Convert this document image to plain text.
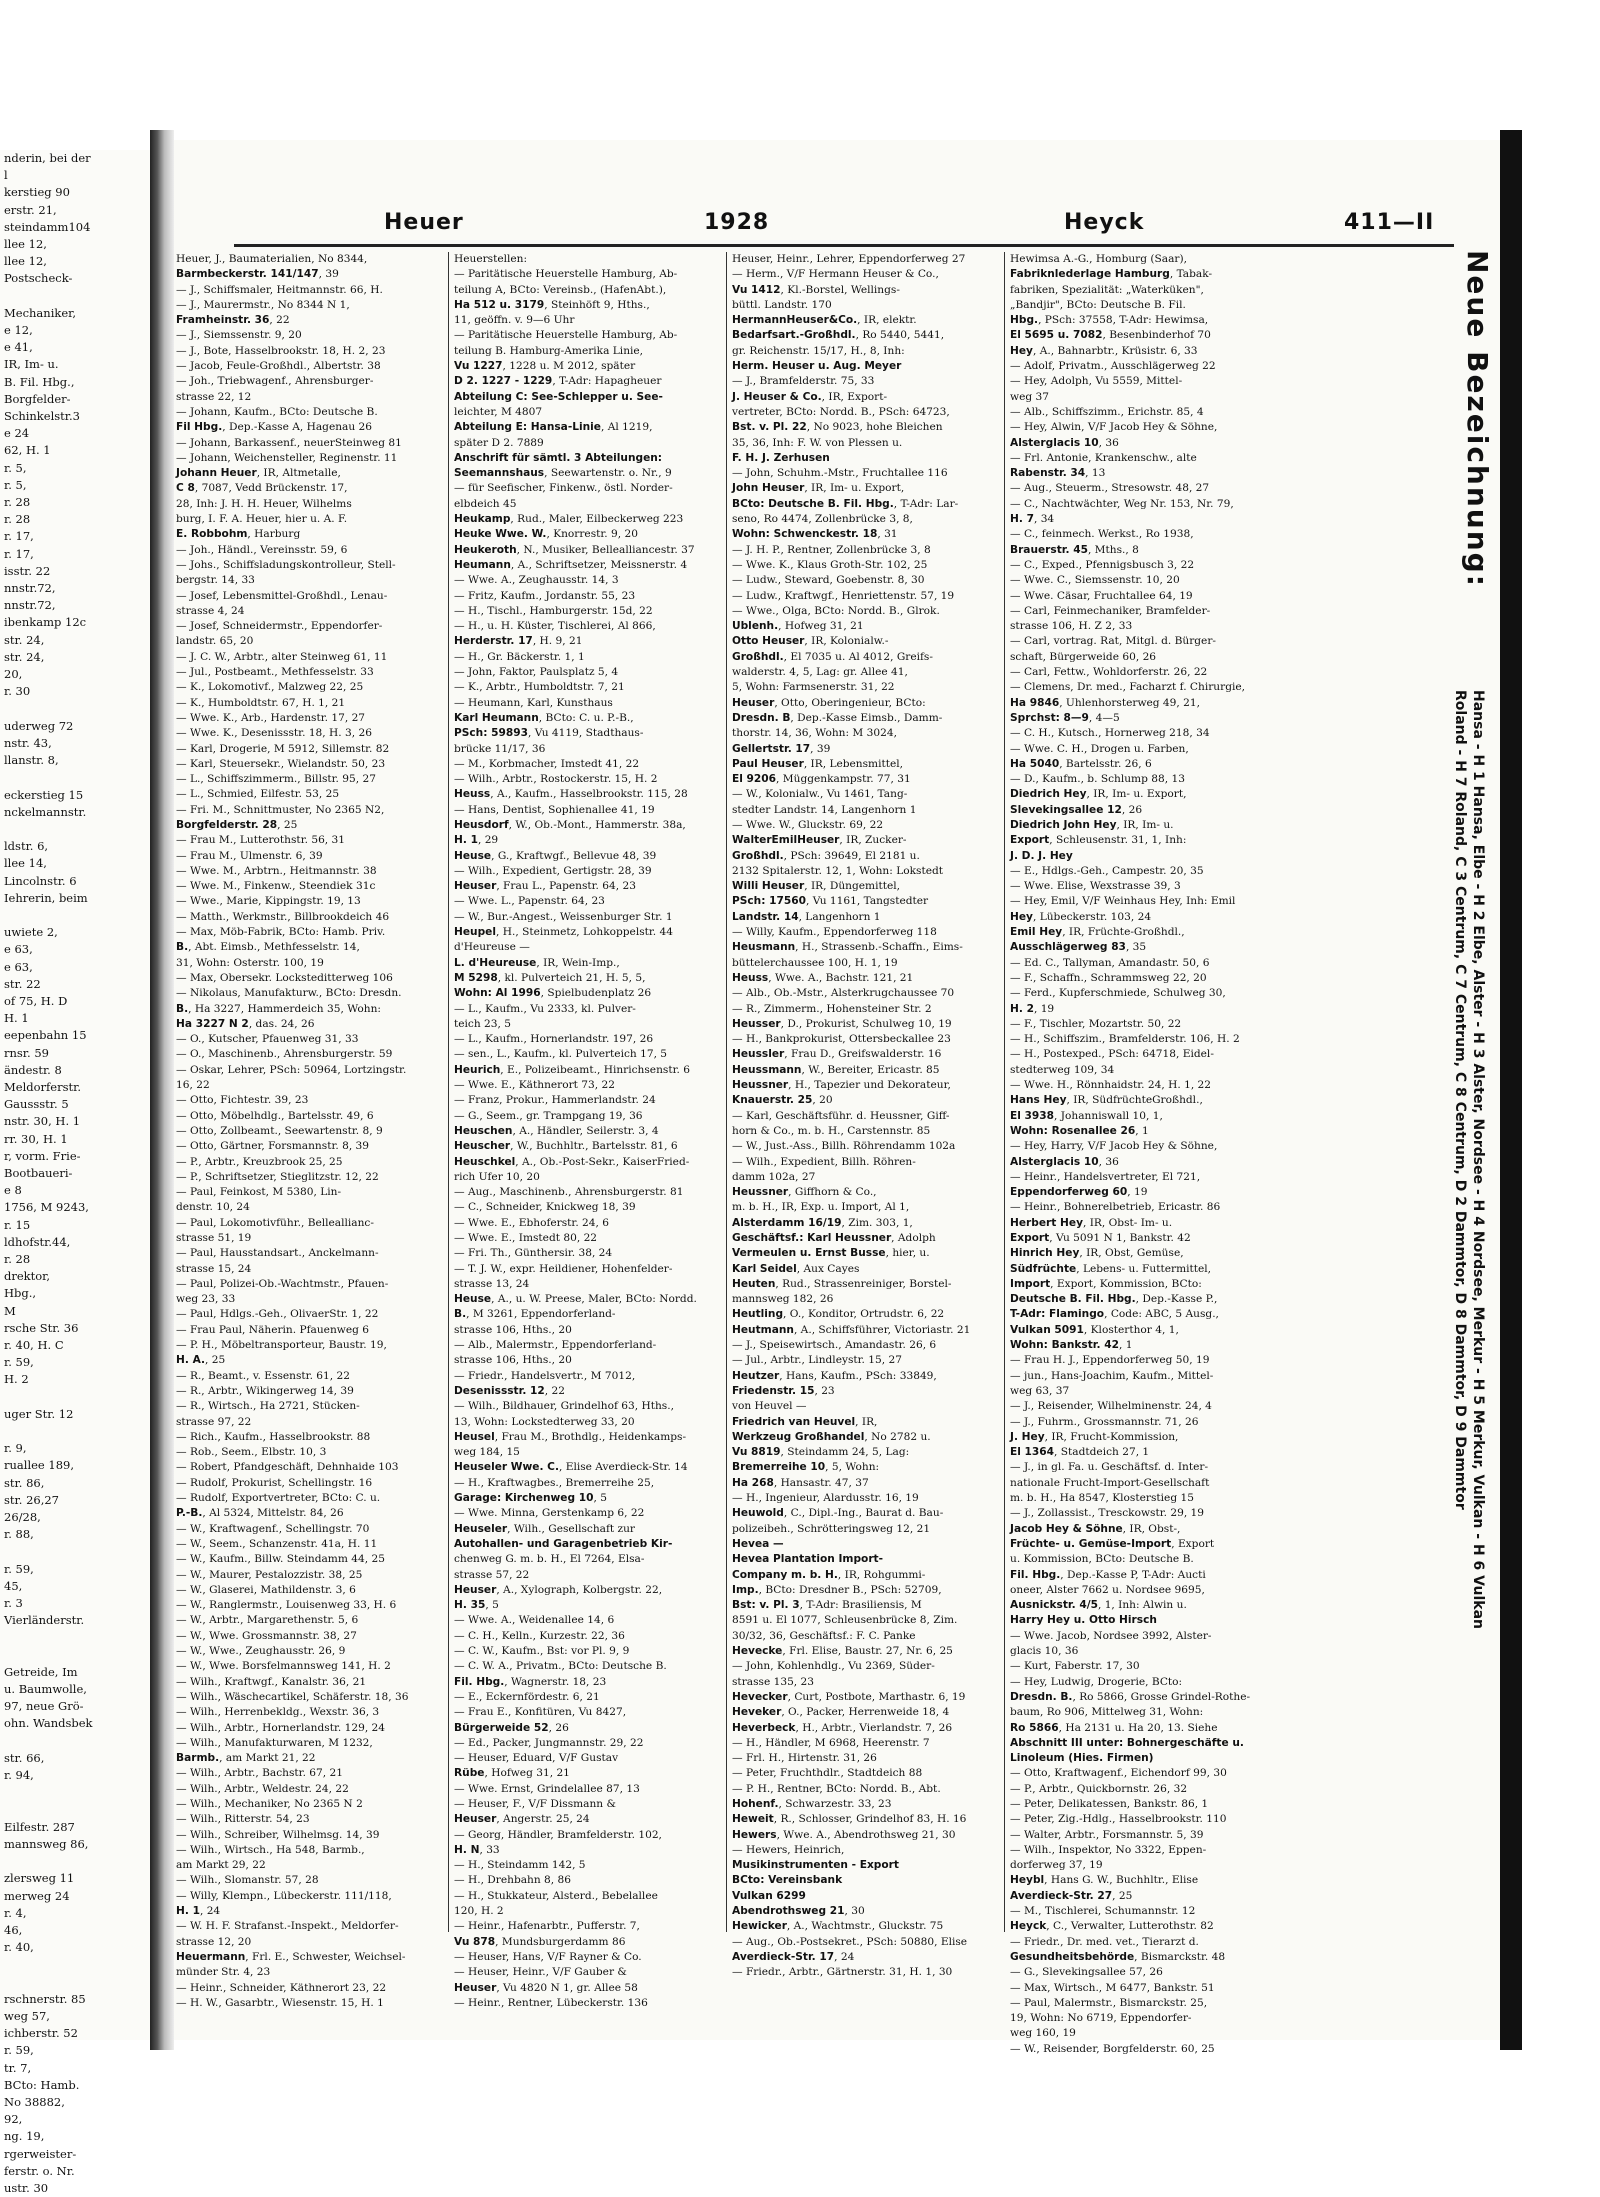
nderin, bei der
l
kerstieg 90
erstr. 21,
steindamm104
llee 12,
llee 12,
Postscheck-

Mechaniker,
e 12,
e 41,
IR, Im- u.
B. Fil. Hbg.,
Borgfelder-
Schinkelstr.3
e 24
62, H. 1
r. 5,
r. 5,
r. 28
r. 28
r. 17,
r. 17,
isstr. 22
nnstr.72,
nnstr.72,
ibenkamp 12c
str. 24,
str. 24,
20,
r. 30

uderweg 72
nstr. 43,
llanstr. 8,

eckerstieg 15
nckelmannstr.

ldstr. 6,
llee 14,
Lincolnstr. 6
Iehrerin, beim

uwiete 2,
e 63,
e 63,
str. 22
of 75, H. D
H. 1
eepenbahn 15
rnsr. 59
ändestr. 8
Meldorferstr.
Gaussstr. 5
nstr. 30, H. 1
rr. 30, H. 1
r, vorm. Frie-
Bootbaueri-
e 8
1756, M 9243,
r. 15
ldhofstr.44,
r. 28
drektor,
Hbg.,
M
rsche Str. 36
r. 40, H. C
r. 59,
H. 2

uger Str. 12

r. 9,
ruallee 189,
str. 86,
str. 26,27
26/28,
r. 88,

r. 59,
45,
r. 3
Vierländerstr.

Getreide, Im
u. Baumwolle,
97, neue Grö-
ohn. Wandsbek

str. 66,
r. 94,

Eilfestr. 287
mannsweg 86,

zlersweg 11
merweg 24
r. 4,
46,
r. 40,

rschnerstr. 85
weg 57,
ichberstr. 52
r. 59,
tr. 7,
BCto: Hamb.
No 38882,
92,
ng. 19,
rgerweister-
ferstr. o. Nr.
ustr. 30
Heuer	1928	Heyck	411—II
Heuer, J., Baumaterialien, No 8344,
Barmbeckerstr. 141/147, 39
— J., Schiffsmaler, Heitmannstr. 66, H.
— J., Maurermstr., No 8344 N 1,
Framheinstr. 36, 22
— J., Siemssenstr. 9, 20
— J., Bote, Hasselbrookstr. 18, H. 2, 23
— Jacob, Feule-Großhdl., Albertstr. 38
— Joh., Triebwagenf., Ahrensburger-
strasse 22, 12
— Johann, Kaufm., BCto: Deutsche B.
Fil Hbg., Dep.-Kasse A, Hagenau 26
— Johann, Barkassenf., neuerSteinweg 81
— Johann, Weichensteller, Reginenstr. 11
Johann Heuer, IR, Altmetalle,
C 8, 7087, Vedd Brückenstr. 17,
28, Inh: J. H. H. Heuer, Wilhelms
burg, I. F. A. Heuer, hier u. A. F.
E. Robbohm, Harburg
— Joh., Händl., Vereinsstr. 59, 6
— Johs., Schiffsladungskontrolleur, Stell-
bergstr. 14, 33
— Josef, Lebensmittel-Großhdl., Lenau-
strasse 4, 24
— Josef, Schneidermstr., Eppendorfer-
landstr. 65, 20
— J. C. W., Arbtr., alter Steinweg 61, 11
— Jul., Postbeamt., Methfesselstr. 33
— K., Lokomotivf., Malzweg 22, 25
— K., Humboldtstr. 67, H. 1, 21
— Wwe. K., Arb., Hardenstr. 17, 27
— Wwe. K., Desenissstr. 18, H. 3, 26
— Karl, Drogerie, M 5912, Sillemstr. 82
— Karl, Steuersekr., Wielandstr. 50, 23
— L., Schiffszimmerm., Billstr. 95, 27
— L., Schmied, Eilfestr. 53, 25
— Fri. M., Schnittmuster, No 2365 N2,
Borgfelderstr. 28, 25
— Frau M., Lutterothstr. 56, 31
— Frau M., Ulmenstr. 6, 39
— Wwe. M., Arbtrn., Heitmannstr. 38
— Wwe. M., Finkenw., Steendiek 31c
— Wwe., Marie, Kippingstr. 19, 13
— Matth., Werkmstr., Billbrookdeich 46
— Max, Möb-Fabrik, BCto: Hamb. Priv.
B., Abt. Eimsb., Methfesselstr. 14,
31, Wohn: Osterstr. 100, 19
— Max, Obersekr. Locksteditterweg 106
— Nikolaus, Manufakturw., BCto: Dresdn.
B., Ha 3227, Hammerdeich 35, Wohn:
Ha 3227 N 2, das. 24, 26
— O., Kutscher, Pfauenweg 31, 33
— O., Maschinenb., Ahrensburgerstr. 59
— Oskar, Lehrer, PSch: 50964, Lortzingstr.
16, 22
— Otto, Fichtestr. 39, 23
— Otto, Möbelhdlg., Bartelsstr. 49, 6
— Otto, Zollbeamt., Seewartenstr. 8, 9
— Otto, Gärtner, Forsmannstr. 8, 39
— P., Arbtr., Kreuzbrook 25, 25
— P., Schriftsetzer, Stieglitzstr. 12, 22
— Paul, Feinkost, M 5380, Lin-
denstr. 10, 24
— Paul, Lokomotivführ., Belleallianc-
strasse 51, 19
— Paul, Hausstandsart., Anckelmann-
strasse 15, 24
— Paul, Polizei-Ob.-Wachtmstr., Pfauen-
weg 23, 33
— Paul, Hdlgs.-Geh., OlivaerStr. 1, 22
— Frau Paul, Näherin. Pfauenweg 6
— P. H., Möbeltransporteur, Baustr. 19,
H. A., 25
— R., Beamt., v. Essenstr. 61, 22
— R., Arbtr., Wikingerweg 14, 39
— R., Wirtsch., Ha 2721, Stücken-
strasse 97, 22
— Rich., Kaufm., Hasselbrookstr. 88
— Rob., Seem., Elbstr. 10, 3
— Robert, Pfandgeschäft, Dehnhaide 103
— Rudolf, Prokurist, Schellingstr. 16
— Rudolf, Exportvertreter, BCto: C. u.
P.-B., Al 5324, Mittelstr. 84, 26
— W., Kraftwagenf., Schellingstr. 70
— W., Seem., Schanzenstr. 41a, H. 11
— W., Kaufm., Billw. Steindamm 44, 25
— W., Maurer, Pestalozzistr. 38, 25
— W., Glaserei, Mathildenstr. 3, 6
— W., Ranglermstr., Louisenweg 33, H. 6
— W., Arbtr., Margarethenstr. 5, 6
— W., Wwe. Grossmannstr. 38, 27
— W., Wwe., Zeughausstr. 26, 9
— W., Wwe. Borsfelmannsweg 141, H. 2
— Wilh., Kraftwgf., Kanalstr. 36, 21
— Wilh., Wäschecartikel, Schäferstr. 18, 36
— Wilh., Herrenbekldg., Wexstr. 36, 3
— Wilh., Arbtr., Hornerlandstr. 129, 24
— Wilh., Manufakturwaren, M 1232,
Barmb., am Markt 21, 22
— Wilh., Arbtr., Bachstr. 67, 21
— Wilh., Arbtr., Weldestr. 24, 22
— Wilh., Mechaniker, No 2365 N 2
— Wilh., Ritterstr. 54, 23
— Wilh., Schreiber, Wilhelmsg. 14, 39
— Wilh., Wirtsch., Ha 548, Barmb.,
am Markt 29, 22
— Wilh., Slomanstr. 57, 28
— Willy, Klempn., Lübeckerstr. 111/118,
H. 1, 24
— W. H. F. Strafanst.-Inspekt., Meldorfer-
strasse 12, 20
Heuermann, Frl. E., Schwester, Weichsel-
münder Str. 4, 23
— Heinr., Schneider, Käthnerort 23, 22
— H. W., Gasarbtr., Wiesenstr. 15, H. 1
Heuerstellen:
— Paritätische Heuerstelle Hamburg, Ab-
teilung A, BCto: Vereinsb., (HafenAbt.),
Ha 512 u. 3179, Steinhöft 9, Hths.,
11, geöffn. v. 9—6 Uhr
— Paritätische Heuerstelle Hamburg, Ab-
teilung B. Hamburg-Amerika Linie,
Vu 1227, 1228 u. M 2012, später
D 2. 1227 - 1229, T-Adr: Hapagheuer
Abteilung C: See-Schlepper u. See-
leichter, M 4807
Abteilung E: Hansa-Linie, Al 1219,
später D 2. 7889
Anschrift für sämtl. 3 Abteilungen:
Seemannshaus, Seewartenstr. o. Nr., 9
— für Seefischer, Finkenw., östl. Norder-
elbdeich 45
Heukamp, Rud., Maler, Eilbeckerweg 223
Heuke Wwe. W., Knorrestr. 9, 20
Heukeroth, N., Musiker, Bellealliancestr. 37
Heumann, A., Schriftsetzer, Meissnerstr. 4
— Wwe. A., Zeughausstr. 14, 3
— Fritz, Kaufm., Jordanstr. 55, 23
— H., Tischl., Hamburgerstr. 15d, 22
— H., u. H. Küster, Tischlerei, Al 866,
Herderstr. 17, H. 9, 21
— H., Gr. Bäckerstr. 1, 1
— John, Faktor, Paulsplatz 5, 4
— K., Arbtr., Humboldtstr. 7, 21
— Heumann, Karl, Kunsthaus
Karl Heumann, BCto: C. u. P.-B.,
PSch: 59893, Vu 4119, Stadthaus-
brücke 11/17, 36
— M., Korbmacher, Imstedt 41, 22
— Wilh., Arbtr., Rostockerstr. 15, H. 2
Heuss, A., Kaufm., Hasselbrookstr. 115, 28
— Hans, Dentist, Sophienallee 41, 19
Heusdorf, W., Ob.-Mont., Hammerstr. 38a,
H. 1, 29
Heuse, G., Kraftwgf., Bellevue 48, 39
— Wilh., Expedient, Gertigstr. 28, 39
Heuser, Frau L., Papenstr. 64, 23
— Wwe. L., Papenstr. 64, 23
— W., Bur.-Angest., Weissenburger Str. 1
Heupel, H., Steinmetz, Lohkoppelstr. 44
d'Heureuse —
L. d'Heureuse, IR, Wein-Imp.,
M 5298, kl. Pulverteich 21, H. 5, 5,
Wohn: Al 1996, Spielbudenplatz 26
— L., Kaufm., Vu 2333, kl. Pulver-
teich 23, 5
— L., Kaufm., Hornerlandstr. 197, 26
— sen., L., Kaufm., kl. Pulverteich 17, 5
Heurich, E., Polizeibeamt., Hinrichsenstr. 6
— Wwe. E., Käthnerort 73, 22
— Franz, Prokur., Hammerlandstr. 24
— G., Seem., gr. Trampgang 19, 36
Heuschen, A., Händler, Seilerstr. 3, 4
Heuscher, W., Buchhltr., Bartelsstr. 81, 6
Heuschkel, A., Ob.-Post-Sekr., KaiserFried-
rich Ufer 10, 20
— Aug., Maschinenb., Ahrensburgerstr. 81
— C., Schneider, Knickweg 18, 39
— Wwe. E., Ebhoferstr. 24, 6
— Wwe. E., Imstedt 80, 22
— Fri. Th., Günthersir. 38, 24
— T. J. W., expr. Heildiener, Hohenfelder-
strasse 13, 24
Heuse, A., u. W. Preese, Maler, BCto: Nordd.
B., M 3261, Eppendorferland-
strasse 106, Hths., 20
— Alb., Malermstr., Eppendorferland-
strasse 106, Hths., 20
— Friedr., Handelsvertr., M 7012,
Desenissstr. 12, 22
— Wilh., Bildhauer, Grindelhof 63, Hths.,
13, Wohn: Lockstedterweg 33, 20
Heusel, Frau M., Brothdlg., Heidenkamps-
weg 184, 15
Heuseler Wwe. C., Elise Averdieck-Str. 14
— H., Kraftwagbes., Bremerreihe 25,
Garage: Kirchenweg 10, 5
— Wwe. Minna, Gerstenkamp 6, 22
Heuseler, Wilh., Gesellschaft zur
Autohallen- und Garagenbetrieb Kir-
chenweg G. m. b. H., El 7264, Elsa-
strasse 57, 22
Heuser, A., Xylograph, Kolbergstr. 22,
H. 35, 5
— Wwe. A., Weidenallee 14, 6
— C. H., Kelln., Kurzestr. 22, 36
— C. W., Kaufm., Bst: vor Pl. 9, 9
— C. W. A., Privatm., BCto: Deutsche B.
Fil. Hbg., Wagnerstr. 18, 23
— E., Eckernfördestr. 6, 21
— Frau E., Konfitüren, Vu 8427,
Bürgerweide 52, 26
— Ed., Packer, Jungmannstr. 29, 22
— Heuser, Eduard, V/F Gustav
Rübe, Hofweg 31, 21
— Wwe. Ernst, Grindelallee 87, 13
— Heuser, F., V/F Dissmann &
Heuser, Angerstr. 25, 24
— Georg, Händler, Bramfelderstr. 102,
H. N, 33
— H., Steindamm 142, 5
— H., Drehbahn 8, 86
— H., Stukkateur, Alsterd., Bebelallee
120, H. 2
— Heinr., Hafenarbtr., Pufferstr. 7,
Vu 878, Mundsburgerdamm 86
— Heuser, Hans, V/F Rayner & Co.
— Heuser, Heinr., V/F Gauber &
Heuser, Vu 4820 N 1, gr. Allee 58
— Heinr., Rentner, Lübeckerstr. 136
Heuser, Heinr., Lehrer, Eppendorferweg 27
— Herm., V/F Hermann Heuser & Co.,
Vu 1412, Kl.-Borstel, Wellings-
büttl. Landstr. 170
HermannHeuser&Co., IR, elektr.
Bedarfsart.-Großhdl., Ro 5440, 5441,
gr. Reichenstr. 15/17, H., 8, Inh:
Herm. Heuser u. Aug. Meyer
— J., Bramfelderstr. 75, 33
J. Heuser & Co., IR, Export-
vertreter, BCto: Nordd. B., PSch: 64723,
Bst. v. Pl. 22, No 9023, hohe Bleichen
35, 36, Inh: F. W. von Plessen u.
F. H. J. Zerhusen
— John, Schuhm.-Mstr., Fruchtallee 116
John Heuser, IR, Im- u. Export,
BCto: Deutsche B. Fil. Hbg., T-Adr: Lar-
seno, Ro 4474, Zollenbrücke 3, 8,
Wohn: Schwenckestr. 18, 31
— J. H. P., Rentner, Zollenbrücke 3, 8
— Wwe. K., Klaus Groth-Str. 102, 25
— Ludw., Steward, Goebenstr. 8, 30
— Ludw., Kraftwgf., Henriettenstr. 57, 19
— Wwe., Olga, BCto: Nordd. B., Glrok.
Ublenh., Hofweg 31, 21
Otto Heuser, IR, Kolonialw.-
Großhdl., El 7035 u. Al 4012, Greifs-
walderstr. 4, 5, Lag: gr. Allee 41,
5, Wohn: Farmsenerstr. 31, 22
Heuser, Otto, Oberingenieur, BCto:
Dresdn. B, Dep.-Kasse Eimsb., Damm-
thorstr. 14, 36, Wohn: M 3024,
Gellertstr. 17, 39
Paul Heuser, IR, Lebensmittel,
El 9206, Müggenkampstr. 77, 31
— W., Kolonialw., Vu 1461, Tang-
stedter Landstr. 14, Langenhorn 1
— Wwe. W., Gluckstr. 69, 22
WalterEmilHeuser, IR, Zucker-
Großhdl., PSch: 39649, El 2181 u.
2132 Spitalerstr. 12, 1, Wohn: Lokstedt
Willi Heuser, IR, Düngemittel,
PSch: 17560, Vu 1161, Tangstedter
Landstr. 14, Langenhorn 1
— Willy, Kaufm., Eppendorferweg 118
Heusmann, H., Strassenb.-Schaffn., Eims-
büttelerchaussee 100, H. 1, 19
Heuss, Wwe. A., Bachstr. 121, 21
— Alb., Ob.-Mstr., Alsterkrugchaussee 70
— R., Zimmerm., Hohensteiner Str. 2
Heusser, D., Prokurist, Schulweg 10, 19
— H., Bankprokurist, Ottersbeckallee 23
Heussler, Frau D., Greifswalderstr. 16
Heussmann, W., Bereiter, Ericastr. 85
Heussner, H., Tapezier und Dekorateur,
Knauerstr. 25, 20
— Karl, Geschäftsführ. d. Heussner, Giff-
horn & Co., m. b. H., Carstennstr. 85
— W., Just.-Ass., Billh. Röhrendamm 102a
— Wilh., Expedient, Billh. Röhren-
damm 102a, 27
Heussner, Giffhorn & Co.,
m. b. H., IR, Exp. u. Import, Al 1,
Alsterdamm 16/19, Zim. 303, 1,
Geschäftsf.: Karl Heussner, Adolph
Vermeulen u. Ernst Busse, hier, u.
Karl Seidel, Aux Cayes
Heuten, Rud., Strassenreiniger, Borstel-
mannsweg 182, 26
Heutling, O., Konditor, Ortrudstr. 6, 22
Heutmann, A., Schiffsführer, Victoriastr. 21
— J., Speisewirtsch., Amandastr. 26, 6
— Jul., Arbtr., Lindleystr. 15, 27
Heutzer, Hans, Kaufm., PSch: 33849,
Friedenstr. 15, 23
von Heuvel —
Friedrich van Heuvel, IR,
Werkzeug Großhandel, No 2782 u.
Vu 8819, Steindamm 24, 5, Lag:
Bremerreihe 10, 5, Wohn:
Ha 268, Hansastr. 47, 37
— H., Ingenieur, Alardusstr. 16, 19
Heuwold, C., Dipl.-Ing., Baurat d. Bau-
polizeibeh., Schrötteringsweg 12, 21
Hevea —
Hevea Plantation Import-
Company m. b. H., IR, Rohgummi-
Imp., BCto: Dresdner B., PSch: 52709,
Bst: v. Pl. 3, T-Adr: Brasiliensis, M
8591 u. El 1077, Schleusenbrücke 8, Zim.
30/32, 36, Geschäftsf.: F. C. Panke
Hevecke, Frl. Elise, Baustr. 27, Nr. 6, 25
— John, Kohlenhdlg., Vu 2369, Süder-
strasse 135, 23
Hevecker, Curt, Postbote, Marthastr. 6, 19
Heveker, O., Packer, Herrenweide 18, 4
Heverbeck, H., Arbtr., Vierlandstr. 7, 26
— H., Händler, M 6968, Heerenstr. 7
— Frl. H., Hirtenstr. 31, 26
— Peter, Fruchthdlr., Stadtdeich 88
— P. H., Rentner, BCto: Nordd. B., Abt.
Hohenf., Schwarzestr. 33, 23
Heweit, R., Schlosser, Grindelhof 83, H. 16
Hewers, Wwe. A., Abendrothsweg 21, 30
— Hewers, Heinrich,
Musikinstrumenten - Export
BCto: Vereinsbank
Vulkan 6299
Abendrothsweg 21, 30
Hewicker, A., Wachtmstr., Gluckstr. 75
— Aug., Ob.-Postsekret., PSch: 50880, Elise
Averdieck-Str. 17, 24
— Friedr., Arbtr., Gärtnerstr. 31, H. 1, 30
Hewimsa A.-G., Homburg (Saar),
Fabriknlederlage Hamburg, Tabak-
fabriken, Spezialität: „Waterküken",
„Bandjir", BCto: Deutsche B. Fil.
Hbg., PSch: 37558, T-Adr: Hewimsa,
El 5695 u. 7082, Besenbinderhof 70
Hey, A., Bahnarbtr., Krüsistr. 6, 33
— Adolf, Privatm., Ausschlägerweg 22
— Hey, Adolph, Vu 5559, Mittel-
weg 37
— Alb., Schiffszimm., Erichstr. 85, 4
— Hey, Alwin, V/F Jacob Hey & Söhne,
Alsterglacis 10, 36
— Frl. Antonie, Krankenschw., alte
Rabenstr. 34, 13
— Aug., Steuerm., Stresowstr. 48, 27
— C., Nachtwächter, Weg Nr. 153, Nr. 79,
H. 7, 34
— C., feinmech. Werkst., Ro 1938,
Brauerstr. 45, Mths., 8
— C., Exped., Pfennigsbusch 3, 22
— Wwe. C., Siemssenstr. 10, 20
— Wwe. Cäsar, Fruchtallee 64, 19
— Carl, Feinmechaniker, Bramfelder-
strasse 106, H. Z 2, 33
— Carl, vortrag. Rat, Mitgl. d. Bürger-
schaft, Bürgerweide 60, 26
— Carl, Fettw., Wohldorferstr. 26, 22
— Clemens, Dr. med., Facharzt f. Chirurgie,
Ha 9846, Uhlenhorsterweg 49, 21,
Sprchst: 8—9, 4—5
— C. H., Kutsch., Hornerweg 218, 34
— Wwe. C. H., Drogen u. Farben,
Ha 5040, Bartelsstr. 26, 6
— D., Kaufm., b. Schlump 88, 13
Diedrich Hey, IR, Im- u. Export,
Slevekingsallee 12, 26
Diedrich John Hey, IR, Im- u.
Export, Schleusenstr. 31, 1, Inh:
J. D. J. Hey
— E., Hdlgs.-Geh., Campestr. 20, 35
— Wwe. Elise, Wexstrasse 39, 3
— Hey, Emil, V/F Weinhaus Hey, Inh: Emil
Hey, Lübeckerstr. 103, 24
Emil Hey, IR, Früchte-Großhdl.,
Ausschlägerweg 83, 35
— Ed. C., Tallyman, Amandastr. 50, 6
— F., Schaffn., Schrammsweg 22, 20
— Ferd., Kupferschmiede, Schulweg 30,
H. 2, 19
— F., Tischler, Mozartstr. 50, 22
— H., Schiffszim., Bramfelderstr. 106, H. 2
— H., Postexped., PSch: 64718, Eidel-
stedterweg 109, 34
— Wwe. H., Rönnhaidstr. 24, H. 1, 22
Hans Hey, IR, SüdfrüchteGroßhdl.,
El 3938, Johanniswall 10, 1,
Wohn: Rosenallee 26, 1
— Hey, Harry, V/F Jacob Hey & Söhne,
Alsterglacis 10, 36
— Heinr., Handelsvertreter, El 721,
Eppendorferweg 60, 19
— Heinr., Bohnerelbetrieb, Ericastr. 86
Herbert Hey, IR, Obst- Im- u.
Export, Vu 5091 N 1, Bankstr. 42
Hinrich Hey, IR, Obst, Gemüse,
Südfrüchte, Lebens- u. Futtermittel,
Import, Export, Kommission, BCto:
Deutsche B. Fil. Hbg., Dep.-Kasse P.,
T-Adr: Flamingo, Code: ABC, 5 Ausg.,
Vulkan 5091, Klosterthor 4, 1,
Wohn: Bankstr. 42, 1
— Frau H. J., Eppendorferweg 50, 19
— jun., Hans-Joachim, Kaufm., Mittel-
weg 63, 37
— J., Reisender, Wilhelminenstr. 24, 4
— J., Fuhrm., Grossmannstr. 71, 26
J. Hey, IR, Frucht-Kommission,
El 1364, Stadtdeich 27, 1
— J., in gl. Fa. u. Geschäftsf. d. Inter-
nationale Frucht-Import-Gesellschaft
m. b. H., Ha 8547, Klosterstieg 15
— J., Zollassist., Tresckowstr. 29, 19
Jacob Hey & Söhne, IR, Obst-,
Früchte- u. Gemüse-Import, Export
u. Kommission, BCto: Deutsche B.
Fil. Hbg., Dep.-Kasse P, T-Adr: Aucti
oneer, Alster 7662 u. Nordsee 9695,
Ausnickstr. 4/5, 1, Inh: Alwin u.
Harry Hey u. Otto Hirsch
— Wwe. Jacob, Nordsee 3992, Alster-
glacis 10, 36
— Kurt, Faberstr. 17, 30
— Hey, Ludwig, Drogerie, BCto:
Dresdn. B., Ro 5866, Grosse Grindel-Rothe-
baum, Ro 906, Mittelweg 31, Wohn:
Ro 5866, Ha 2131 u. Ha 20, 13. Siehe
Abschnitt III unter: Bohnergeschäfte u.
Linoleum (Hies. Firmen)
— Otto, Kraftwagenf., Eichendorf 99, 30
— P., Arbtr., Quickbornstr. 26, 32
— Peter, Delikatessen, Bankstr. 86, 1
— Peter, Zig.-Hdlg., Hasselbrookstr. 110
— Walter, Arbtr., Forsmannstr. 5, 39
— Wilh., Inspektor, No 3322, Eppen-
dorferweg 37, 19
Heybl, Hans G. W., Buchhltr., Elise
Averdieck-Str. 27, 25
— M., Tischlerei, Schumannstr. 12
Heyck, C., Verwalter, Lutterothstr. 82
— Friedr., Dr. med. vet., Tierarzt d.
Gesundheitsbehörde, Bismarckstr. 48
— G., Slevekingsallee 57, 26
— Max, Wirtsch., M 6477, Bankstr. 51
— Paul, Malermstr., Bismarckstr. 25,
19, Wohn: No 6719, Eppendorfer-
weg 160, 19
— W., Reisender, Borgfelderstr. 60, 25
Neue Bezeichnung:
Hansa - H 1 Hansa, Elbe - H 2 Elbe, Alster - H 3 Alster, Nordsee - H 4 Nordsee, Merkur - H 5 Merkur, Vulkan - H 6 Vulkan
Roland - H 7 Roland, C 3 Centrum, C 7 Centrum, C 8 Centrum, D 2 Dammtor, D 8 Dammtor, D 9 Dammtor
